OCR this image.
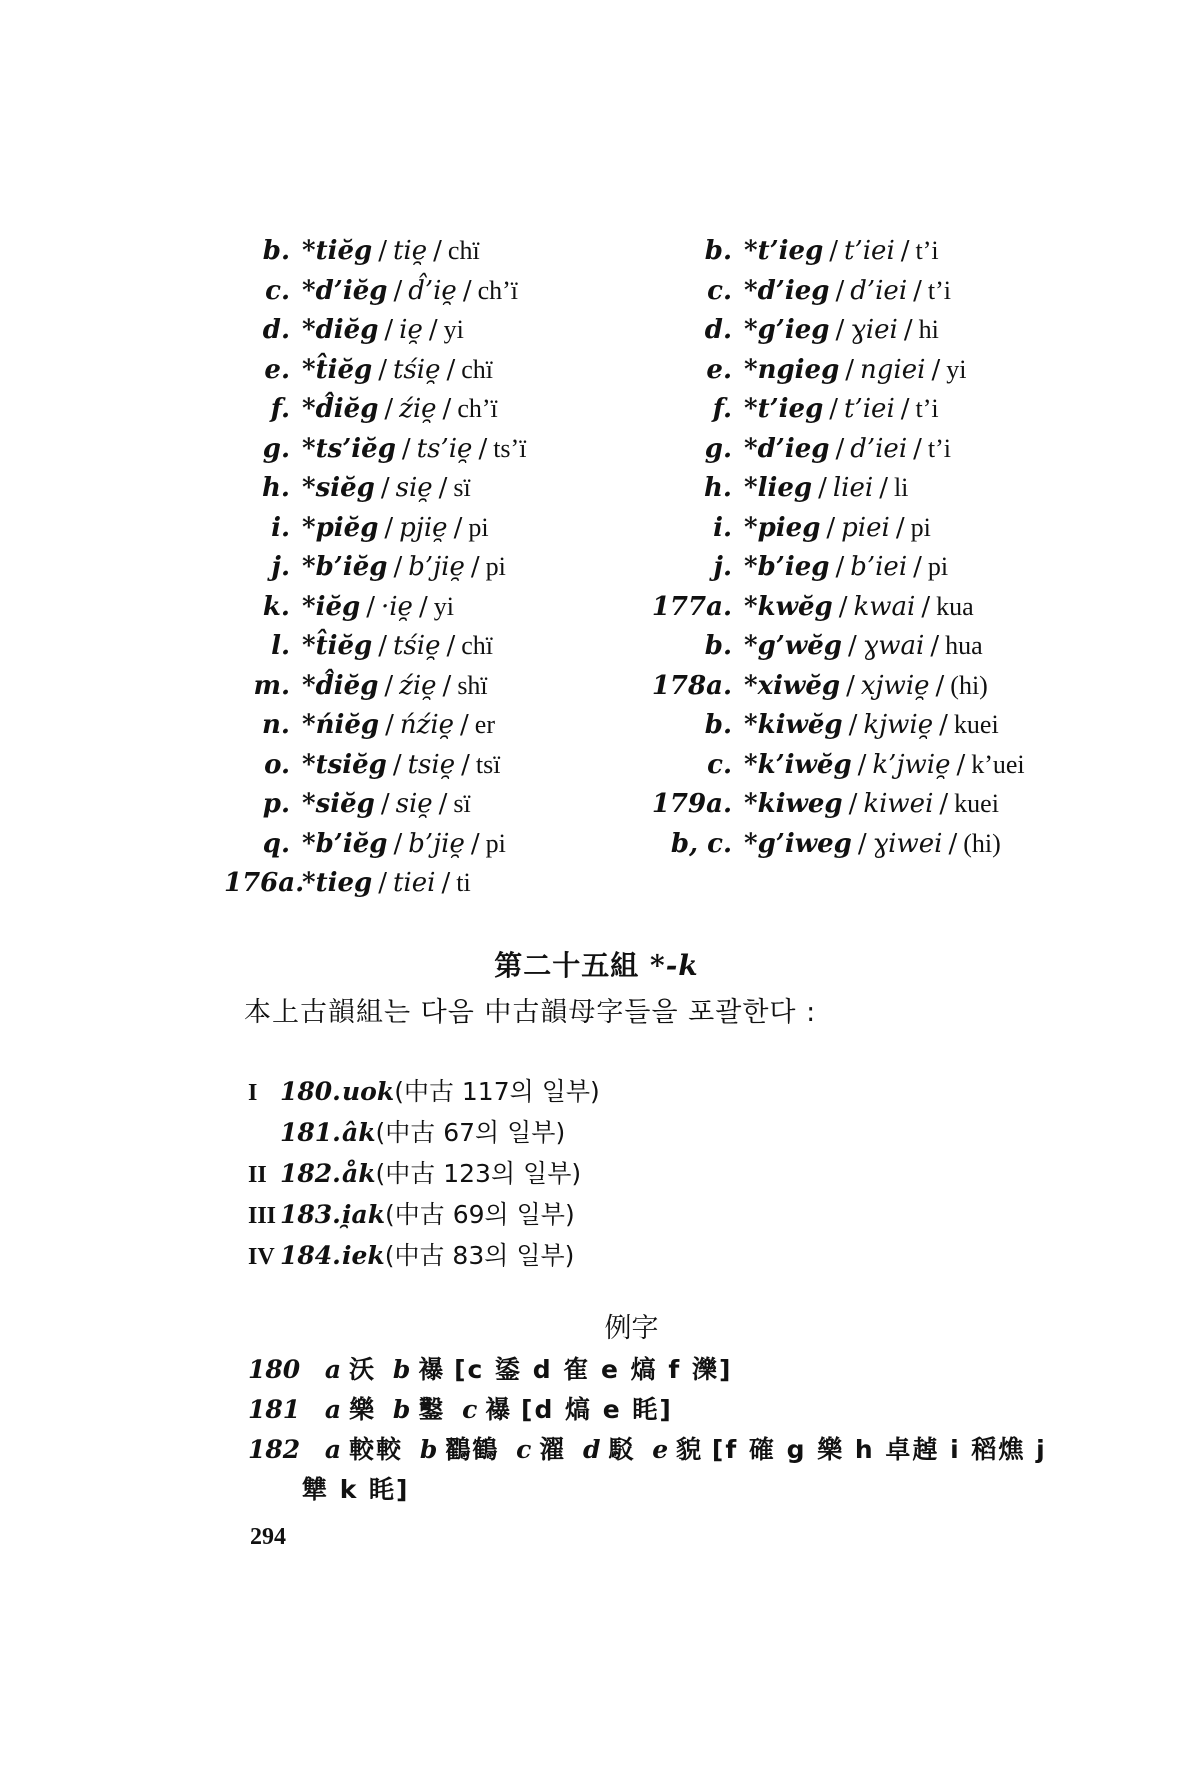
b. *tiĕg / tie̯ / chï
c. *d’iĕg / d̂’ie̯ / ch’ï
d. *diĕg / ie̯ / yi
e. *t̂iĕg / tśie̯ / chï
f. *d̂iĕg / źie̯ / ch’ï
g. *ts’iĕg / ts’ie̯ / ts’ï
h. *siĕg / sie̯ / sï
i. *piĕg / pjie̯ / pi
j. *b’iĕg / b’jie̯ / pi
k. *iĕg / ·ie̯ / yi
l. *t̂iĕg / tśie̯ / chï
m. *d̂iĕg / źie̯ / shï
n. *ńiĕg / ńźie̯ / er
o. *tsiĕg / tsie̯ / tsï
p. *siĕg / sie̯ / sï
q. *b’iĕg / b’jie̯ / pi
176a.
*tieg / tiei / ti
b. *t’ieg / t’iei / t’i
c. *d’ieg / d’iei / t’i
d. *g’ieg / ɣiei / hi
e. *ngieg / ngiei / yi
f. *t’ieg / t’iei / t’i
g. *d’ieg / d’iei / t’i
h. *lieg / liei / li
i. *pieg / piei / pi
j. *b’ieg / b’iei / pi
177a. *kwĕg / kwai / kua
b. *g’wĕg / ɣwai / hua
178a. *xiwĕg / xjwie̯ / (hi)
b. *kiwĕg / kjwie̯ / kuei
c. *k’iwĕg / k’jwie̯ / k’uei
179a. *kiweg / kiwei / kuei
b, c. *g’iweg / ɣiwei / (hi)
第二十五組 *-k
本上古韻組는 다음 中古韻母字들을 포괄한다 :
I 180. uok (中古 117의 일부)
181. âk (中古 67의 일부)
II 182. åk (中古 123의 일부)
III 183. i̯ak (中古 69의 일부)
IV 184. iek (中古 83의 일부)
例字
180 a 沃 b 襮 [c 鋈 d 隺 e 熇 f 濼]
181 a 樂 b 鑿 c 襮 [d 熇 e 眊]
182 a 較較 b 鸐鶴 c 濯 d 駁 e 貌 [f 確 g 樂 h 卓趠 i 稻燋 j
犨 k 眊]
294
